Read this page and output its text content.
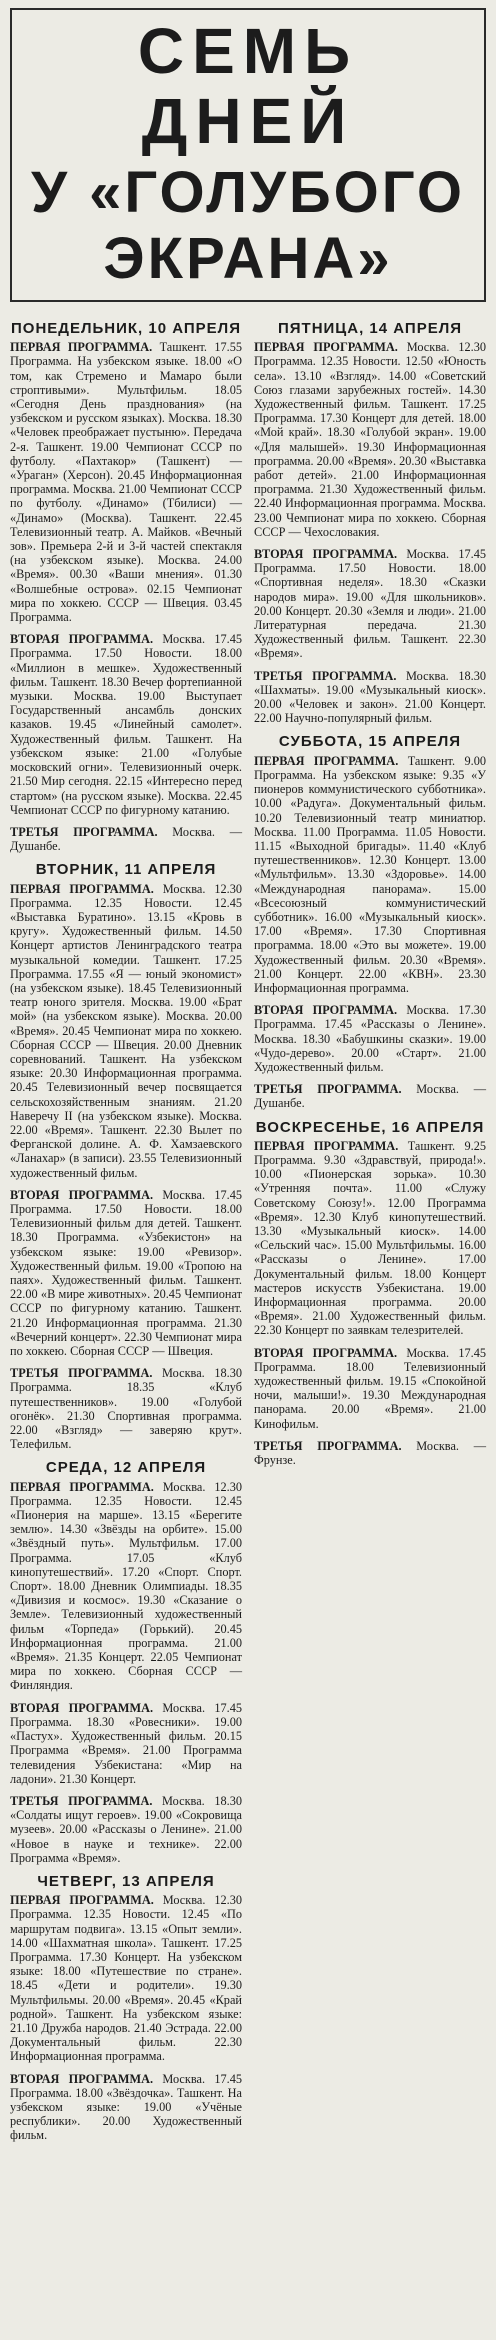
СЕМЬ ДНЕЙ
У «ГОЛУБОГО ЭКРАНА»
ПОНЕДЕЛЬНИК, 10 АПРЕЛЯ
ПЕРВАЯ ПРОГРАММА. Ташкент. 17.55 Программа. На узбекском языке. 18.00 «О том, как Стремено и Мамаро были строптивыми». Мультфильм. 18.05 «Сегодня День празднования» (на узбекском и русском языках). Москва. 18.30 «Человек преображает пустыню». Передача 2-я. Ташкент. 19.00 Чемпионат СССР по футболу. «Пахтакор» (Ташкент) — «Ураган» (Херсон). 20.45 Информационная программа. Москва. 21.00 Чемпионат СССР по футболу. «Динамо» (Тбилиси) — «Динамо» (Москва). Ташкент. 22.45 Телевизионный театр. А. Майков. «Вечный зов». Премьера 2-й и 3-й частей спектакля (на узбекском языке). Москва. 24.00 «Время». 00.30 «Ваши мнения». 01.30 «Волшебные острова». 02.15 Чемпионат мира по хоккею. СССР — Швеция. 03.45 Программа.
ВТОРАЯ ПРОГРАММА. Москва. 17.45 Программа. 17.50 Новости. 18.00 «Миллион в мешке». Художественный фильм. Ташкент. 18.30 Вечер фортепианной музыки. Москва. 19.00 Выступает Государственный ансамбль донских казаков. 19.45 «Линейный самолет». Художественный фильм. Ташкент. На узбекском языке: 21.00 «Голубые московский огни». Телевизионный очерк. 21.50 Мир сегодня. 22.15 «Интересно перед стартом» (на русском языке). Москва. 22.45 Чемпионат СССР по фигурному катанию.
ТРЕТЬЯ ПРОГРАММА. Москва. — Душанбе.
ВТОРНИК, 11 АПРЕЛЯ
ПЕРВАЯ ПРОГРАММА. Москва. 12.30 Программа. 12.35 Новости. 12.45 «Выставка Буратино». 13.15 «Кровь в кругу». Художественный фильм. 14.50 Концерт артистов Ленинградского театра музыкальной комедии. Ташкент. 17.25 Программа. 17.55 «Я — юный экономист» (на узбекском языке). 18.45 Телевизионный театр юного зрителя. Москва. 19.00 «Брат мой» (на узбекском языке). Москва. 20.00 «Время». 20.45 Чемпионат мира по хоккею. Сборная СССР — Швеция. 20.00 Дневник соревнований. Ташкент. На узбекском языке: 20.30 Информационная программа. 20.45 Телевизионный вечер посвящается сельскохозяйственным знаниям. 21.20 Наверечу II (на узбекском языке). Москва. 22.00 «Время». Ташкент. 22.30 Вылет по Ферганской долине. А. Ф. Хамзаевского «Ланахар» (в записи). 23.55 Телевизионный художественный фильм.
ВТОРАЯ ПРОГРАММА. Москва. 17.45 Программа. 17.50 Новости. 18.00 Телевизионный фильм для детей. Ташкент. 18.30 Программа. «Узбекистон» на узбекском языке: 19.00 «Ревизор». Художественный фильм. 19.00 «Тропою на паях». Художественный фильм. Ташкент. 22.00 «В мире животных». 20.45 Чемпионат СССР по фигурному катанию. Ташкент. 21.20 Информационная программа. 21.30 «Вечерний концерт». 22.30 Чемпионат мира по хоккею. Сборная СССР — Швеция.
ТРЕТЬЯ ПРОГРАММА. Москва. 18.30 Программа. 18.35 «Клуб путешественников». 19.00 «Голубой огонёк». 21.30 Спортивная программа. 22.00 «Взгляд» — заверяю крут». Телефильм.
СРЕДА, 12 АПРЕЛЯ
ПЕРВАЯ ПРОГРАММА. Москва. 12.30 Программа. 12.35 Новости. 12.45 «Пионерия на марше». 13.15 «Берегите землю». 14.30 «Звёзды на орбите». 15.00 «Звёздный путь». Мультфильм. 17.00 Программа. 17.05 «Клуб кинопутешествий». 17.20 «Спорт. Спорт. Спорт». 18.00 Дневник Олимпиады. 18.35 «Дивизия и космос». 19.30 «Сказание о Земле». Телевизионный художественный фильм «Торпеда» (Горький). 20.45 Информационная программа. 21.00 «Время». 21.35 Концерт. 22.05 Чемпионат мира по хоккею. Сборная СССР — Финляндия.
ВТОРАЯ ПРОГРАММА. Москва. 17.45 Программа. 18.30 «Ровесники». 19.00 «Пастух». Художественный фильм. 20.15 Программа «Время». 21.00 Программа телевидения Узбекистана: «Мир на ладони». 21.30 Концерт.
ТРЕТЬЯ ПРОГРАММА. Москва. 18.30 «Солдаты ищут героев». 19.00 «Сокровища музеев». 20.00 «Рассказы о Ленине». 21.00 «Новое в науке и технике». 22.00 Программа «Время».
ЧЕТВЕРГ, 13 АПРЕЛЯ
ПЕРВАЯ ПРОГРАММА. Москва. 12.30 Программа. 12.35 Новости. 12.45 «По маршрутам подвига». 13.15 «Опыт земли». 14.00 «Шахматная школа». Ташкент. 17.25 Программа. 17.30 Концерт. На узбекском языке: 18.00 «Путешествие по стране». 18.45 «Дети и родители». 19.30 Мультфильмы. 20.00 «Время». 20.45 «Край родной». Ташкент. На узбекском языке: 21.10 Дружба народов. 21.40 Эстрада. 22.00 Документальный фильм. 22.30 Информационная программа.
ВТОРАЯ ПРОГРАММА. Москва. 17.45 Программа. 18.00 «Звёздочка». Ташкент. На узбекском языке: 19.00 «Учёные республики». 20.00 Художественный фильм.
ПЯТНИЦА, 14 АПРЕЛЯ
ПЕРВАЯ ПРОГРАММА. Москва. 12.30 Программа. 12.35 Новости. 12.50 «Юность села». 13.10 «Взгляд». 14.00 «Советский Союз глазами зарубежных гостей». 14.30 Художественный фильм. Ташкент. 17.25 Программа. 17.30 Концерт для детей. 18.00 «Мой край». 18.30 «Голубой экран». 19.00 «Для малышей». 19.30 Информационная программа. 20.00 «Время». 20.30 «Выставка работ детей». 21.00 Информационная программа. 21.30 Художественный фильм. 22.40 Информационная программа. Москва. 23.00 Чемпионат мира по хоккею. Сборная СССР — Чехословакия.
ВТОРАЯ ПРОГРАММА. Москва. 17.45 Программа. 17.50 Новости. 18.00 «Спортивная неделя». 18.30 «Сказки народов мира». 19.00 «Для школьников». 20.00 Концерт. 20.30 «Земля и люди». 21.00 Литературная передача. 21.30 Художественный фильм. Ташкент. 22.30 «Время».
ТРЕТЬЯ ПРОГРАММА. Москва. 18.30 «Шахматы». 19.00 «Музыкальный киоск». 20.00 «Человек и закон». 21.00 Концерт. 22.00 Научно-популярный фильм.
СУББОТА, 15 АПРЕЛЯ
ПЕРВАЯ ПРОГРАММА. Ташкент. 9.00 Программа. На узбекском языке: 9.35 «У пионеров коммунистического субботника». 10.00 «Радуга». Документальный фильм. 10.20 Телевизионный театр миниатюр. Москва. 11.00 Программа. 11.05 Новости. 11.15 «Выходной бригады». 11.40 «Клуб путешественников». 12.30 Концерт. 13.00 «Мультфильм». 13.30 «Здоровье». 14.00 «Международная панорама». 15.00 «Всесоюзный коммунистический субботник». 16.00 «Музыкальный киоск». 17.00 «Время». 17.30 Спортивная программа. 18.00 «Это вы можете». 19.00 Художественный фильм. 20.30 «Время». 21.00 Концерт. 22.00 «КВН». 23.30 Информационная программа.
ВТОРАЯ ПРОГРАММА. Москва. 17.30 Программа. 17.45 «Рассказы о Ленине». Москва. 18.30 «Бабушкины сказки». 19.00 «Чудо-дерево». 20.00 «Старт». 21.00 Художественный фильм.
ТРЕТЬЯ ПРОГРАММА. Москва. — Душанбе.
ВОСКРЕСЕНЬЕ, 16 АПРЕЛЯ
ПЕРВАЯ ПРОГРАММА. Ташкент. 9.25 Программа. 9.30 «Здравствуй, природа!». 10.00 «Пионерская зорька». 10.30 «Утренняя почта». 11.00 «Служу Советскому Союзу!». 12.00 Программа «Время». 12.30 Клуб кинопутешествий. 13.30 «Музыкальный киоск». 14.00 «Сельский час». 15.00 Мультфильмы. 16.00 «Рассказы о Ленине». 17.00 Документальный фильм. 18.00 Концерт мастеров искусств Узбекистана. 19.00 Информационная программа. 20.00 «Время». 21.00 Художественный фильм. 22.30 Концерт по заявкам телезрителей.
ВТОРАЯ ПРОГРАММА. Москва. 17.45 Программа. 18.00 Телевизионный художественный фильм. 19.15 «Спокойной ночи, малыши!». 19.30 Международная панорама. 20.00 «Время». 21.00 Кинофильм.
ТРЕТЬЯ ПРОГРАММА. Москва. — Фрунзе.
